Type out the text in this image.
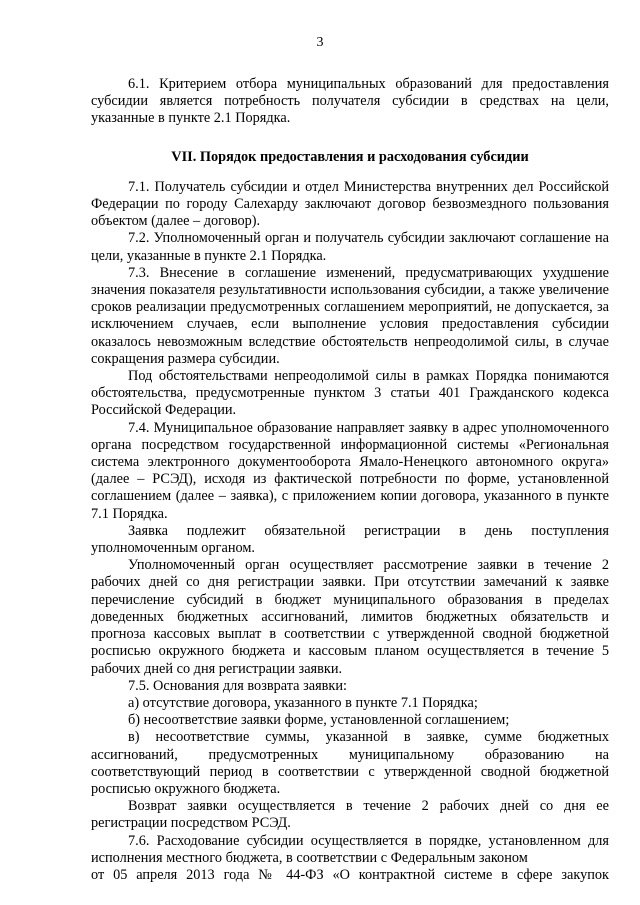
3

6.1. Критерием отбора муниципальных образований для предоставления субсидии является потребность получателя субсидии в средствах на цели, указанные в пункте 2.1 Порядка.

VII. Порядок предоставления и расходования субсидии

7.1. Получатель субсидии и отдел Министерства внутренних дел Российской Федерации по городу Салехарду заключают договор безвозмездного пользования объектом (далее – договор).

7.2. Уполномоченный орган и получатель субсидии заключают соглашение на цели, указанные в пункте 2.1 Порядка.

7.3. Внесение в соглашение изменений, предусматривающих ухудшение значения показателя результативности использования субсидии, а также увеличение сроков реализации предусмотренных соглашением мероприятий, не допускается, за исключением случаев, если выполнение условия предоставления субсидии оказалось невозможным вследствие обстоятельств непреодолимой силы, в случае сокращения размера субсидии.

Под обстоятельствами непреодолимой силы в рамках Порядка понимаются обстоятельства, предусмотренные пунктом 3 статьи 401 Гражданского кодекса Российской Федерации.

7.4. Муниципальное образование направляет заявку в адрес уполномоченного органа посредством государственной информационной системы «Региональная система электронного документооборота Ямало-Ненецкого автономного округа» (далее – РСЭД), исходя из фактической потребности по форме, установленной соглашением (далее – заявка), с приложением копии договора, указанного в пункте 7.1 Порядка.

Заявка подлежит обязательной регистрации в день поступления уполномоченным органом.

Уполномоченный орган осуществляет рассмотрение заявки в течение 2 рабочих дней со дня регистрации заявки. При отсутствии замечаний к заявке перечисление субсидий в бюджет муниципального образования в пределах доведенных бюджетных ассигнований, лимитов бюджетных обязательств и прогноза кассовых выплат в соответствии с утвержденной сводной бюджетной росписью окружного бюджета и кассовым планом осуществляется в течение 5 рабочих дней со дня регистрации заявки.

7.5. Основания для возврата заявки:

а) отсутствие договора, указанного в пункте 7.1 Порядка;

б) несоответствие заявки форме, установленной соглашением;

в) несоответствие суммы, указанной в заявке, сумме бюджетных ассигнований, предусмотренных муниципальному образованию на соответствующий период в соответствии с утвержденной сводной бюджетной росписью окружного бюджета.

Возврат заявки осуществляется в течение 2 рабочих дней со дня ее регистрации посредством РСЭД.

7.6. Расходование субсидии осуществляется в порядке, установленном для исполнения местного бюджета, в соответствии с Федеральным законом

от 05 апреля 2013 года № 44-ФЗ «О контрактной системе в сфере закупок
